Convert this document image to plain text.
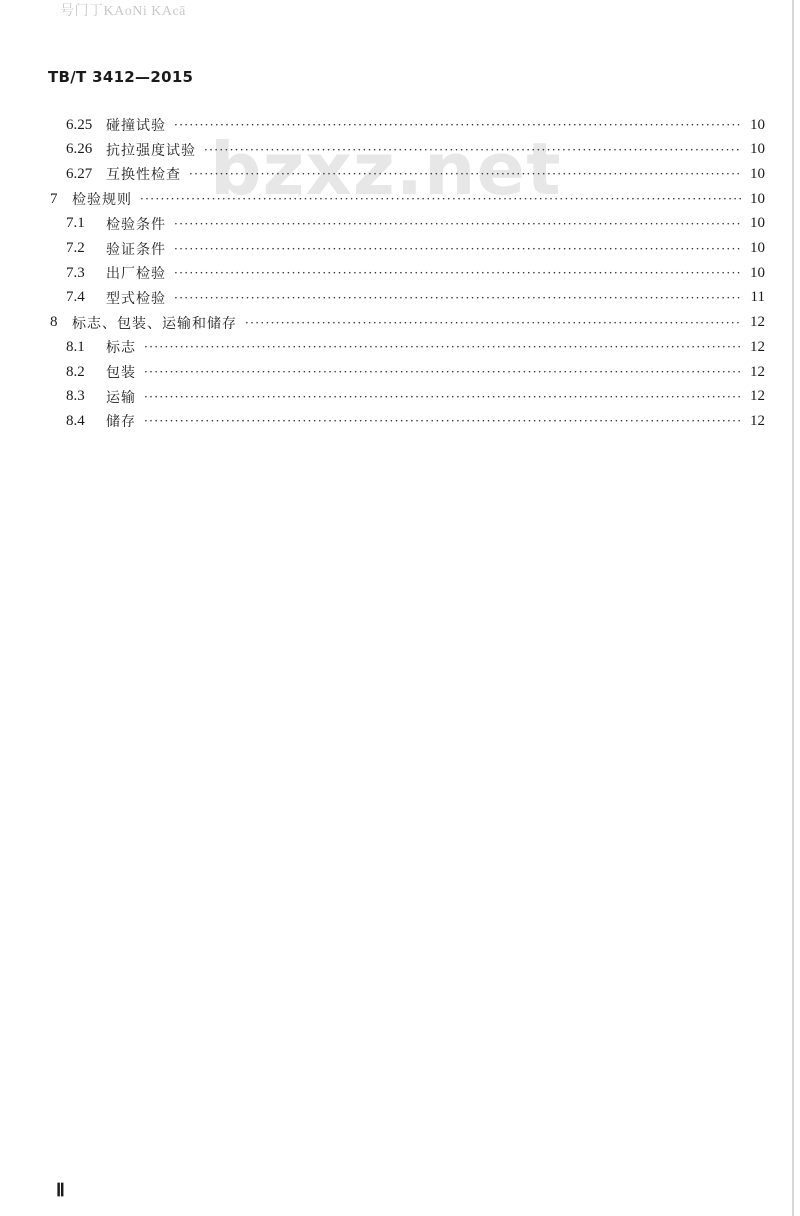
号门丁KAoNi KAcā
TB/T 3412—2015
bzxz.net
6.25 碰撞试验 ·····	10
6.26 抗拉强度试验 ·····	10
6.27 互换性检查 ·····	10
7	检验规则 ·····	10
7.1	检验条件 ·····	10
7.2	验证条件 ·····	10
7.3	出厂检验 ·····	10
7.4	型式检验 ·····	11
8	标志、包装、运输和储存 ·····	12
8.1	标志 ·····	12
8.2	包装 ·····	12
8.3	运输 ·····	12
8.4	储存 ·····	12
Ⅱ
